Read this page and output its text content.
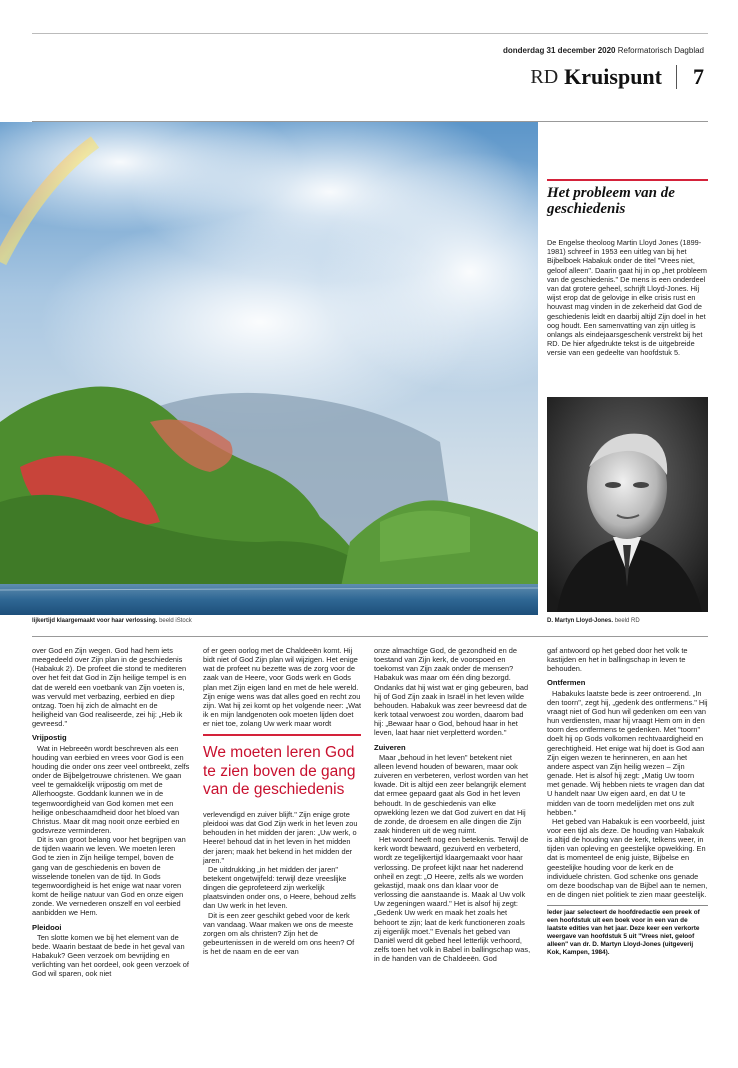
donderdag 31 december 2020 Reformatorisch Dagblad
RD Kruispunt 7
lijkertijd klaargemaakt voor haar verlossing. beeld iStock
Het probleem van de geschiedenis
De Engelse theoloog Martin Lloyd Jones (1899-1981) schreef in 1953 een uitleg van bij het Bijbelboek Habakuk onder de titel "Vrees niet, geloof alleen". Daarin gaat hij in op „het probleem van de geschiedenis." De mens is een onderdeel van dat grotere geheel, schrijft Lloyd-Jones. Hij wijst erop dat de gelovige in elke crisis rust en houvast mag vinden in de zekerheid dat God de geschiedenis leidt en daarbij altijd Zijn doel in het oog houdt. Een samenvatting van zijn uitleg is onlangs als eindejaarsgeschenk verstrekt bij het RD. De hier afgedrukte tekst is de uitgebreide versie van een gedeelte van hoofdstuk 5.
D. Martyn Lloyd-Jones. beeld RD

over God en Zijn wegen. God had hem iets meegedeeld over Zijn plan in de geschiedenis (Habakuk 2). De profeet die stond te mediteren over het feit dat God in Zijn heilige tempel is en dat de wereld een voetbank van Zijn voeten is, was vervuld met verbazing, eerbied en diep ontzag. Toen hij zich de almacht en de heiligheid van God realiseerde, zei hij: „Heb ik gevreesd."

Vrijpostig

Wat in Hebreeën wordt beschreven als een houding van eerbied en vrees voor God is een houding die onder ons zeer veel ontbreekt, zelfs onder de Bijbelgetrouwe christenen. We gaan veel te gemakkelijk vrijpostig om met de Allerhoogste. Goddank kunnen we in de tegenwoordigheid van God komen met een heilige onbeschaamdheid door het bloed van Christus. Maar dit mag nooit onze eerbied en godsvreze verminderen.

Dit is van groot belang voor het begrijpen van de tijden waarin we leven. We moeten leren God te zien in Zijn heilige tempel, boven de gang van de geschiedenis en boven de wisselende tonelen van de tijd. In Gods tegenwoordigheid is het enige wat naar voren komt de heilige natuur van God en onze eigen zonde. We vernederen onszelf en vol eerbied aanbidden we Hem.

Pleidooi

Ten slotte komen we bij het element van de bede. Waarin bestaat de bede in het geval van Habakuk? Geen verzoek om bevrijding en verlichting van het oordeel, ook geen verzoek of God wil sparen, ook niet

of er geen oorlog met de Chaldeeën komt. Hij bidt niet of God Zijn plan wil wijzigen. Het enige wat de profeet nu bezette was de zorg voor de zaak van de Heere, voor Gods werk en Gods plan met Zijn eigen land en met de hele wereld. Zijn enige wens was dat alles goed en recht zou zijn. Wat hij zei komt op het volgende neer: „Wat ik en mijn landgenoten ook moeten lijden doet er niet toe, zolang Uw werk maar wordt

We moeten leren God te zien boven de gang van de geschiedenis

verlevendigd en zuiver blijft." Zijn enige grote pleidooi was dat God Zijn werk in het leven zou behouden in het midden der jaren: „Uw werk, o Heere! behoud dat in het leven in het midden der jaren; maak het bekend in het midden der jaren."

De uitdrukking „in het midden der jaren" betekent ongetwijfeld: terwijl deze vreeslijke dingen die geprofeteerd zijn werkelijk plaatsvinden onder ons, o Heere, behoud zelfs dan Uw werk in het leven.

Dit is een zeer geschikt gebed voor de kerk van vandaag. Waar maken we ons de meeste zorgen om als christen? Zijn het de gebeurtenissen in de wereld om ons heen? Of is het de naam en de eer van

onze almachtige God, de gezondheid en de toestand van Zijn kerk, de voorspoed en toekomst van Zijn zaak onder de mensen? Habakuk was maar om één ding bezorgd. Ondanks dat hij wist wat er ging gebeuren, bad hij of God Zijn zaak in Israël in het leven wilde behouden. Habakuk was zeer bevreesd dat de kerk totaal verwoest zou worden, daarom bad hij: „Bewaar haar o God, behoud haar in het leven, laat haar niet verpletterd worden."

Zuiveren

Maar „behoud in het leven" betekent niet alleen levend houden of bewaren, maar ook zuiveren en verbeteren, verlost worden van het kwade. Dit is altijd een zeer belangrijk element dat ermee gepaard gaat als God in het leven behoudt. In de geschiedenis van elke opwekking lezen we dat God zuivert en dat Hij de zonde, de droesem en alle dingen die Zijn zaak hinderen uit de weg ruimt.

Het woord heeft nog een betekenis. Terwijl de kerk wordt bewaard, gezuiverd en verbeterd, wordt ze tegelijkertijd klaargemaakt voor haar verlossing. De profeet kijkt naar het naderend onheil en zegt: „O Heere, zelfs als we worden gekastijd, maak ons dan klaar voor de verlossing die aanstaande is. Maak al Uw volk Uw zegeningen waard." Het is alsof hij zegt: „Gedenk Uw werk en maak het zoals het behoort te zijn; laat de kerk functioneren zoals zij eigenlijk moet." Evenals het gebed van Daniël werd dit gebed heel letterlijk verhoord, zelfs toen het volk in Babel in ballingschap was, in de handen van de Chaldeeën. God

gaf antwoord op het gebed door het volk te kastijden en het in ballingschap in leven te behouden.

Ontfermen

Habakuks laatste bede is zeer ontroerend. „In den toorn", zegt hij, „gedenk des ontfermens." Hij vraagt niet of God hun wil gedenken om een van hun verdiensten, maar hij vraagt Hem om in den toorn des ontfermens te gedenken. Met "toorn" doelt hij op Gods volkomen rechtvaardigheid en gerechtigheid. Het enige wat hij doet is God aan Zijn eigen wezen te herinneren, en aan het andere aspect van Zijn heilig wezen – Zijn genade. Het is alsof hij zegt: „Matig Uw toorn met genade. Wij hebben niets te vragen dan dat U handelt naar Uw eigen aard, en dat U te midden van de toorn medelijden met ons zult hebben."

Het gebed van Habakuk is een voorbeeld, juist voor een tijd als deze. De houding van Habakuk is altijd de houding van de kerk, telkens weer, in tijden van opleving en geestelijke opwekking. En dat is momenteel de enig juiste, Bijbelse en geestelijke houding voor de kerk en de individuele christen. God schenke ons genade om deze boodschap van de Bijbel aan te nemen, en de dingen niet politiek te zien maar geestelijk.

Ieder jaar selecteert de hoofdredactie een preek of een hoofdstuk uit een boek voor in een van de laatste edities van het jaar. Deze keer een verkorte weergave van hoofdstuk 5 uit "Vrees niet, geloof alleen" van dr. D. Martyn Lloyd-Jones (uitgeverij Kok, Kampen, 1984).
